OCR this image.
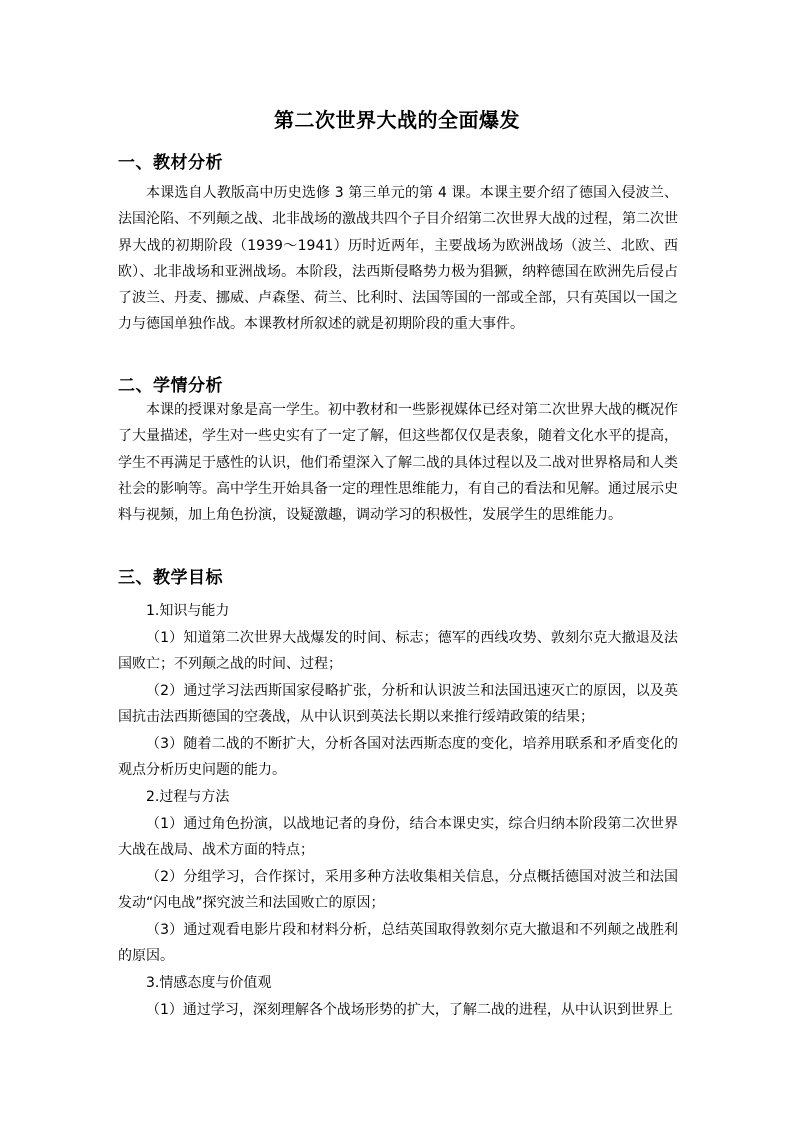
第二次世界大战的全面爆发
一、教材分析
本课选自人教版高中历史选修 3 第三单元的第 4 课。本课主要介绍了德国入侵波兰、法国沦陷、不列颠之战、北非战场的激战共四个子目介绍第二次世界大战的过程，第二次世界大战的初期阶段（1939～1941）历时近两年，主要战场为欧洲战场（波兰、北欧、西欧）、北非战场和亚洲战场。本阶段，法西斯侵略势力极为猖獗，纳粹德国在欧洲先后侵占了波兰、丹麦、挪威、卢森堡、荷兰、比利时、法国等国的一部或全部，只有英国以一国之力与德国单独作战。本课教材所叙述的就是初期阶段的重大事件。
二、学情分析
本课的授课对象是高一学生。初中教材和一些影视媒体已经对第二次世界大战的概况作了大量描述，学生对一些史实有了一定了解，但这些都仅仅是表象，随着文化水平的提高，学生不再满足于感性的认识，他们希望深入了解二战的具体过程以及二战对世界格局和人类社会的影响等。高中学生开始具备一定的理性思维能力，有自己的看法和见解。通过展示史料与视频，加上角色扮演，设疑激趣，调动学习的积极性，发展学生的思维能力。
三、教学目标
1.知识与能力
（1）知道第二次世界大战爆发的时间、标志；德军的西线攻势、敦刻尔克大撤退及法国败亡；不列颠之战的时间、过程；
（2）通过学习法西斯国家侵略扩张，分析和认识波兰和法国迅速灭亡的原因，以及英国抗击法西斯德国的空袭战，从中认识到英法长期以来推行绥靖政策的结果；
（3）随着二战的不断扩大，分析各国对法西斯态度的变化，培养用联系和矛盾变化的观点分析历史问题的能力。
2.过程与方法
（1）通过角色扮演，以战地记者的身份，结合本课史实，综合归纳本阶段第二次世界大战在战局、战术方面的特点；
（2）分组学习，合作探讨，采用多种方法收集相关信息，分点概括德国对波兰和法国发动“闪电战”探究波兰和法国败亡的原因；
（3）通过观看电影片段和材料分析，总结英国取得敦刻尔克大撤退和不列颠之战胜利的原因。
3.情感态度与价值观
（1）通过学习，深刻理解各个战场形势的扩大，了解二战的进程，从中认识到世界上
